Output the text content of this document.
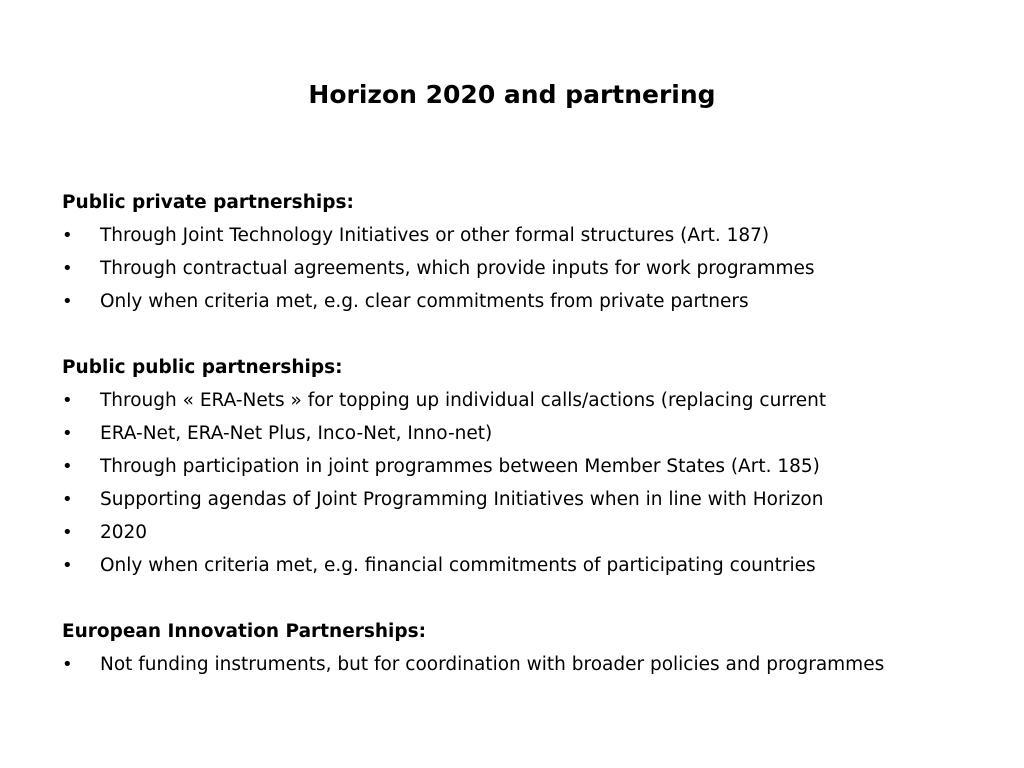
Horizon 2020 and partnering
Public private partnerships:
• Through Joint Technology Initiatives or other formal structures (Art. 187)
• Through contractual agreements, which provide inputs for work programmes
• Only when criteria met, e.g. clear commitments from private partners
Public public partnerships:
• Through « ERA-Nets » for topping up individual calls/actions (replacing current
• ERA-Net, ERA-Net Plus, Inco-Net, Inno-net)
• Through participation in joint programmes between Member States (Art. 185)
• Supporting agendas of Joint Programming Initiatives when in line with Horizon
• 2020
• Only when criteria met, e.g. financial commitments of participating countries
European Innovation Partnerships:
• Not funding instruments, but for coordination with broader policies and programmes
